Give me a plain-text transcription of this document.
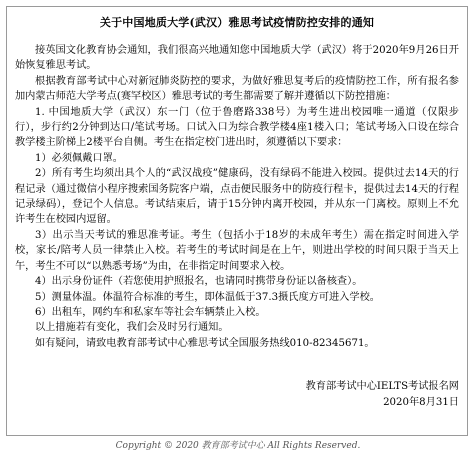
关于中国地质大学(武汉）雅思考试疫情防控安排的通知

接英国文化教育协会通知，我们很高兴地通知您中国地质大学（武汉）将于2020年9月26日开始恢复雅思考试。

根据教育部考试中心对新冠肺炎防控的要求，为做好雅思复考后的疫情防控工作，所有报名参加内蒙古师范大学考点(赛罕校区）雅思考试的考生都需要了解并遵循以下防控措施：

1. 中国地质大学（武汉）东一门（位于鲁磨路338号）为考生进出校园唯一通道（仅限步行），步行约2分钟到达口/笔试考场。口试入口为综合教学楼4座1楼入口；笔试考场入口设在综合教学楼主阶梯上2楼平台自侧。考生在指定校门进出时，须遵循以下要求：

1）必须佩戴口罩。

2）所有考生均须出具个人的“武汉战疫”健康码，没有绿码不能进入校园。提供过去14天的行程记录（通过微信小程序搜索国务院客户端，点击便民服务中的防疫行程卡，提供过去14天的行程记录绿码），登记个人信息。考试结束后，请于15分钟内离开校园，并从东一门离校。原则上不允许考生在校园内逗留。

3）出示当天考试的雅思准考证。考生（包括小于18岁的未成年考生）需在指定时间进入学校，家长/陪考人员一律禁止入校。若考生的考试时间是在上午，则进出学校的时间只限于当天上午，考生不可以“以熟悉考场”为由，在非指定时间要求入校。

4）出示身份证件（若您使用护照报名，也请同时携带身份证以备核查）。

5）测量体温。体温符合标准的考生，即体温低于37.3摄氏度方可进入学校。

6）出租车，网约车和私家车等社会车辆禁止入校。

以上措施若有变化，我们会及时另行通知。

如有疑问，请致电教育部考试中心雅思考试全国服务热线010-82345671。

教育部考试中心IELTS考试报名网

2020年8月31日

Copyright © 2020 教育部考试中心 All Rights Reserved.
